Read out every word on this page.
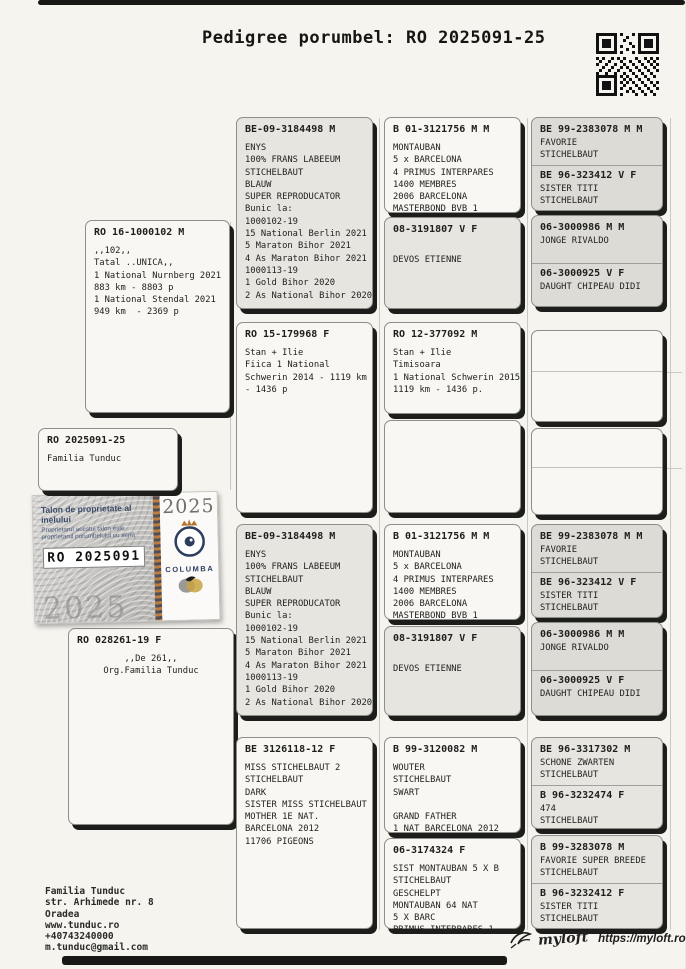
Pedigree porumbel: RO 2025091-25
RO 16-1000102 M
,,102,,
Tatal ..UNICA,,
1 National Nurnberg 2021
883 km - 8803 p
1 National Stendal 2021
949 km  - 2369 p
BE-09-3184498 M
ENYS
100% FRANS LABEEUM
STICHELBAUT
BLAUW
SUPER REPRODUCATOR
Bunic la:
1000102-19
15 National Berlin 2021
5 Maraton Bihor 2021
4 As Maraton Bihor 2021
1000113-19
1 Gold Bihor 2020
2 As National Bihor 2020
RO 15-179968 F
Stan + Ilie
Fiica 1 National
Schwerin 2014 - 1119 km
- 1436 p
B 01-3121756 M M
MONTAUBAN
5 x BARCELONA
4 PRIMUS INTERPARES
1400 MEMBRES
2006 BARCELONA
MASTERBOND BVB 1
08-3191807 V F

DEVOS ETIENNE
RO 12-377092 M
Stan + Ilie
Timisoara
1 National Schwerin 2015
1119 km - 1436 p.
BE 99-2383078 M M
FAVORIE
STICHELBAUT
BE 96-323412 V F
SISTER TITI
STICHELBAUT
06-3000986 M M
JONGE RIVALDO

06-3000925 V F
DAUGHT CHIPEAU DIDI
RO 2025091-25
Familia Tunduc
Talon de proprietate al inelului
Proprietarul acestui talon este proprietarul porumbelului cu seria
RO 2025091
2025
2025
COLUMBA
RO 028261-19 F
,,De 261,,
Org.Familia Tunduc
BE-09-3184498 M
ENYS
100% FRANS LABEEUM
STICHELBAUT
BLAUW
SUPER REPRODUCATOR
Bunic la:
1000102-19
15 National Berlin 2021
5 Maraton Bihor 2021
4 As Maraton Bihor 2021
1000113-19
1 Gold Bihor 2020
2 As National Bihor 2020
BE 3126118-12 F
MISS STICHELBAUT 2
STICHELBAUT
DARK
SISTER MISS STICHELBAUT
MOTHER 1E NAT.
BARCELONA 2012
11706 PIGEONS
B 01-3121756 M M
MONTAUBAN
5 x BARCELONA
4 PRIMUS INTERPARES
1400 MEMBRES
2006 BARCELONA
MASTERBOND BVB 1
08-3191807 V F

DEVOS ETIENNE
B 99-3120082 M
WOUTER
STICHELBAUT
SWART

GRAND FATHER
1 NAT BARCELONA 2012
06-3174324 F
SIST MONTAUBAN 5 X B
STICHELBAUT
GESCHELPT
MONTAUBAN 64 NAT
5 X BARC
PRIMUS INTERPARES 1
BE 99-2383078 M M
FAVORIE
STICHELBAUT
BE 96-323412 V F
SISTER TITI
STICHELBAUT
06-3000986 M M
JONGE RIVALDO

06-3000925 V F
DAUGHT CHIPEAU DIDI
BE 96-3317302 M
SCHONE ZWARTEN
STICHELBAUT
B 96-3232474 F
474
STICHELBAUT
B 99-3283078 M
FAVORIE SUPER BREEDE
STICHELBAUT
B 96-3232412 F
SISTER TITI
STICHELBAUT
Familia Tunduc
str. Arhimede nr. 8
Oradea
www.tunduc.ro
+40743240000
m.tunduc@gmail.com	myloft https://myloft.ro
